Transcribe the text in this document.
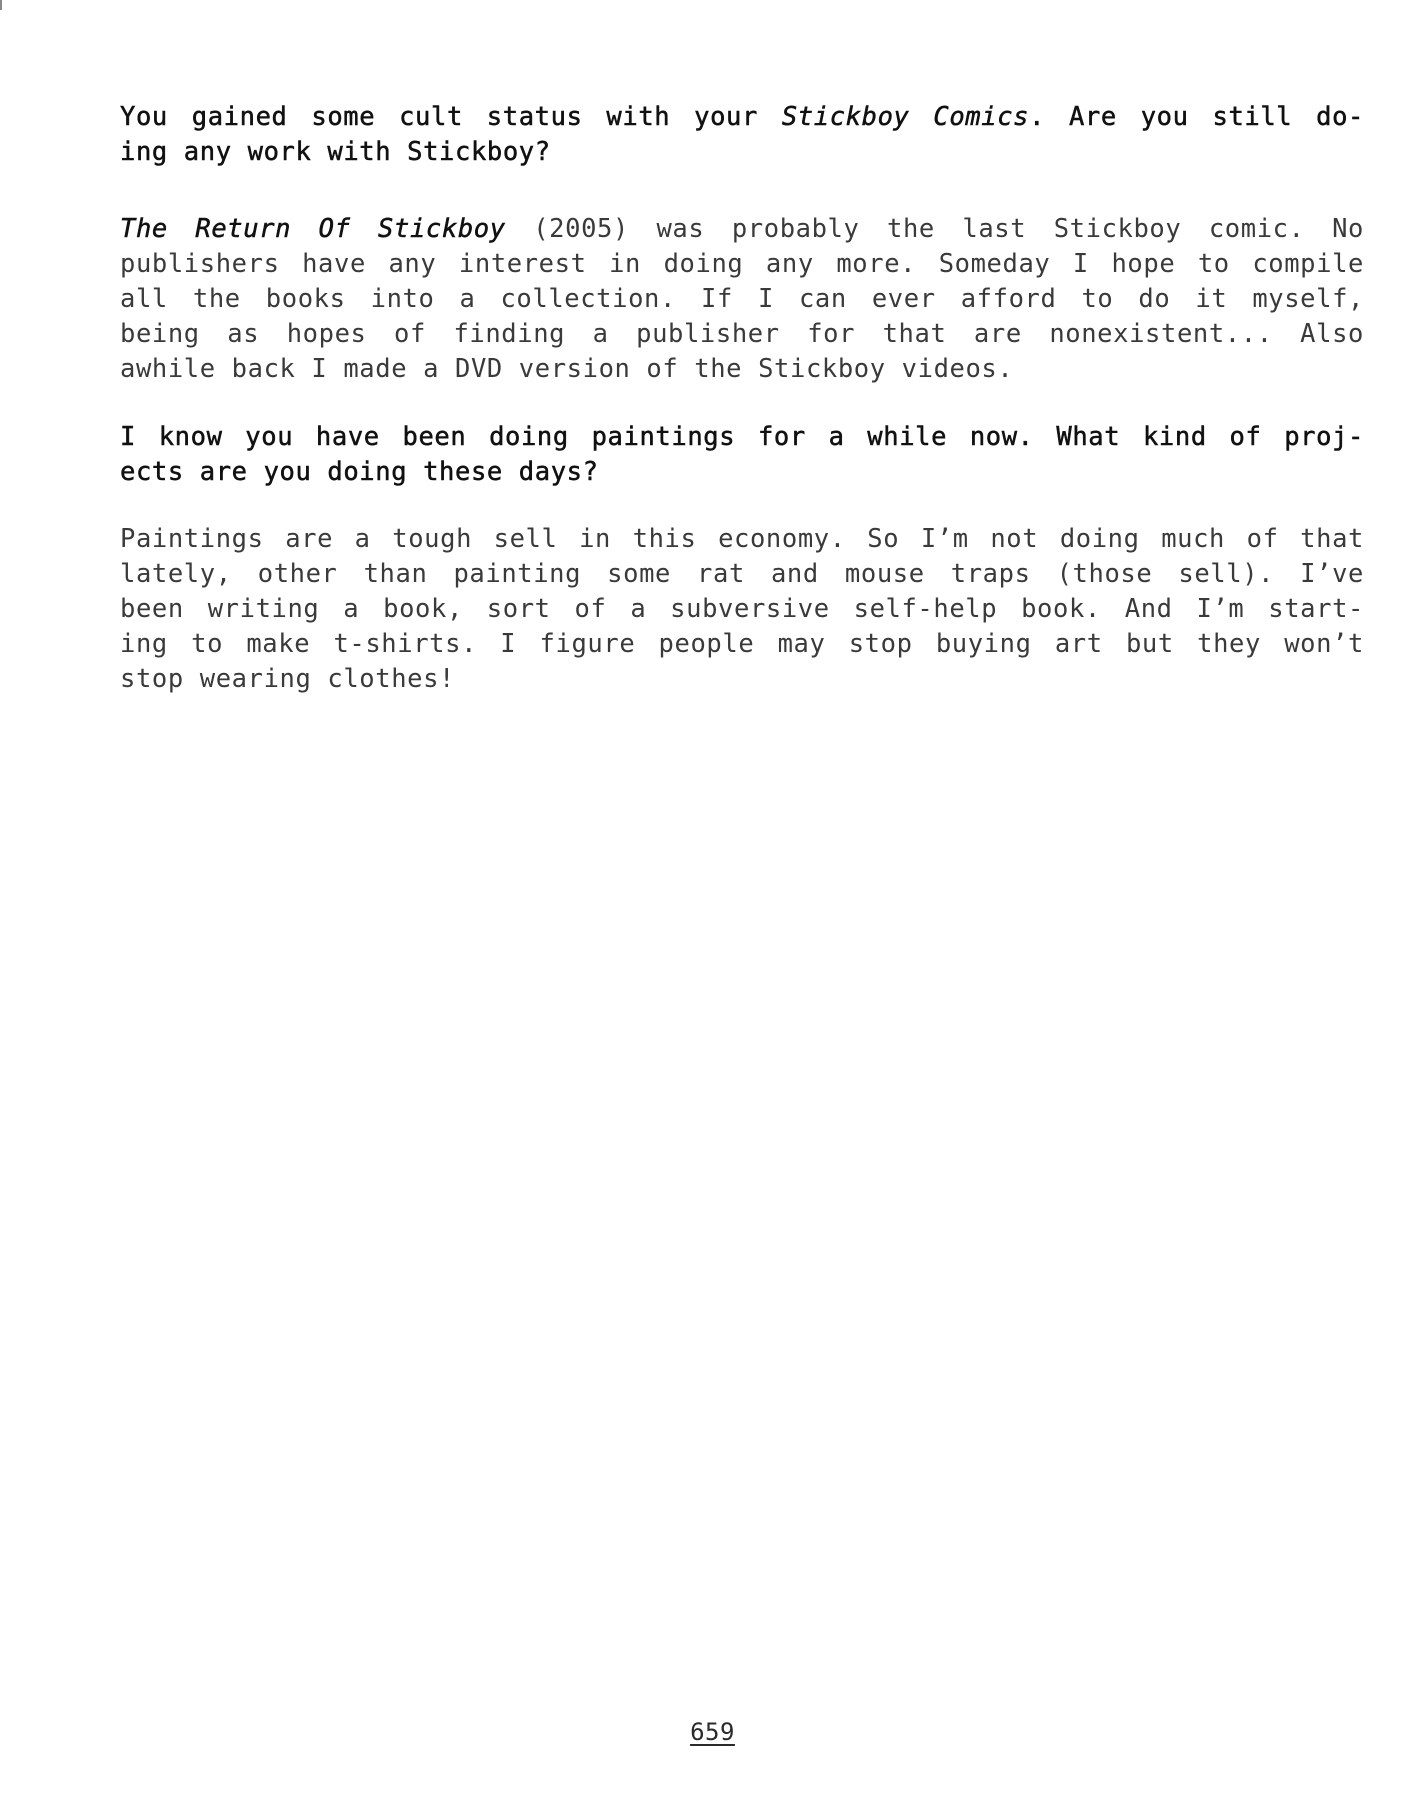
You gained some cult status with your Stickboy Comics. Are you still do-
ing any work with Stickboy?
The Return Of Stickboy (2005) was probably the last Stickboy comic. No
publishers have any interest in doing any more. Someday I hope to compile
all the books into a collection. If I can ever afford to do it myself,
being as hopes of finding a publisher for that are nonexistent... Also
awhile back I made a DVD version of the Stickboy videos.
I know you have been doing paintings for a while now. What kind of proj-
ects are you doing these days?
Paintings are a tough sell in this economy. So I’m not doing much of that
lately, other than painting some rat and mouse traps (those sell). I’ve
been writing a book, sort of a subversive self-help book. And I’m start-
ing to make t-shirts. I figure people may stop buying art but they won’t
stop wearing clothes!
659
